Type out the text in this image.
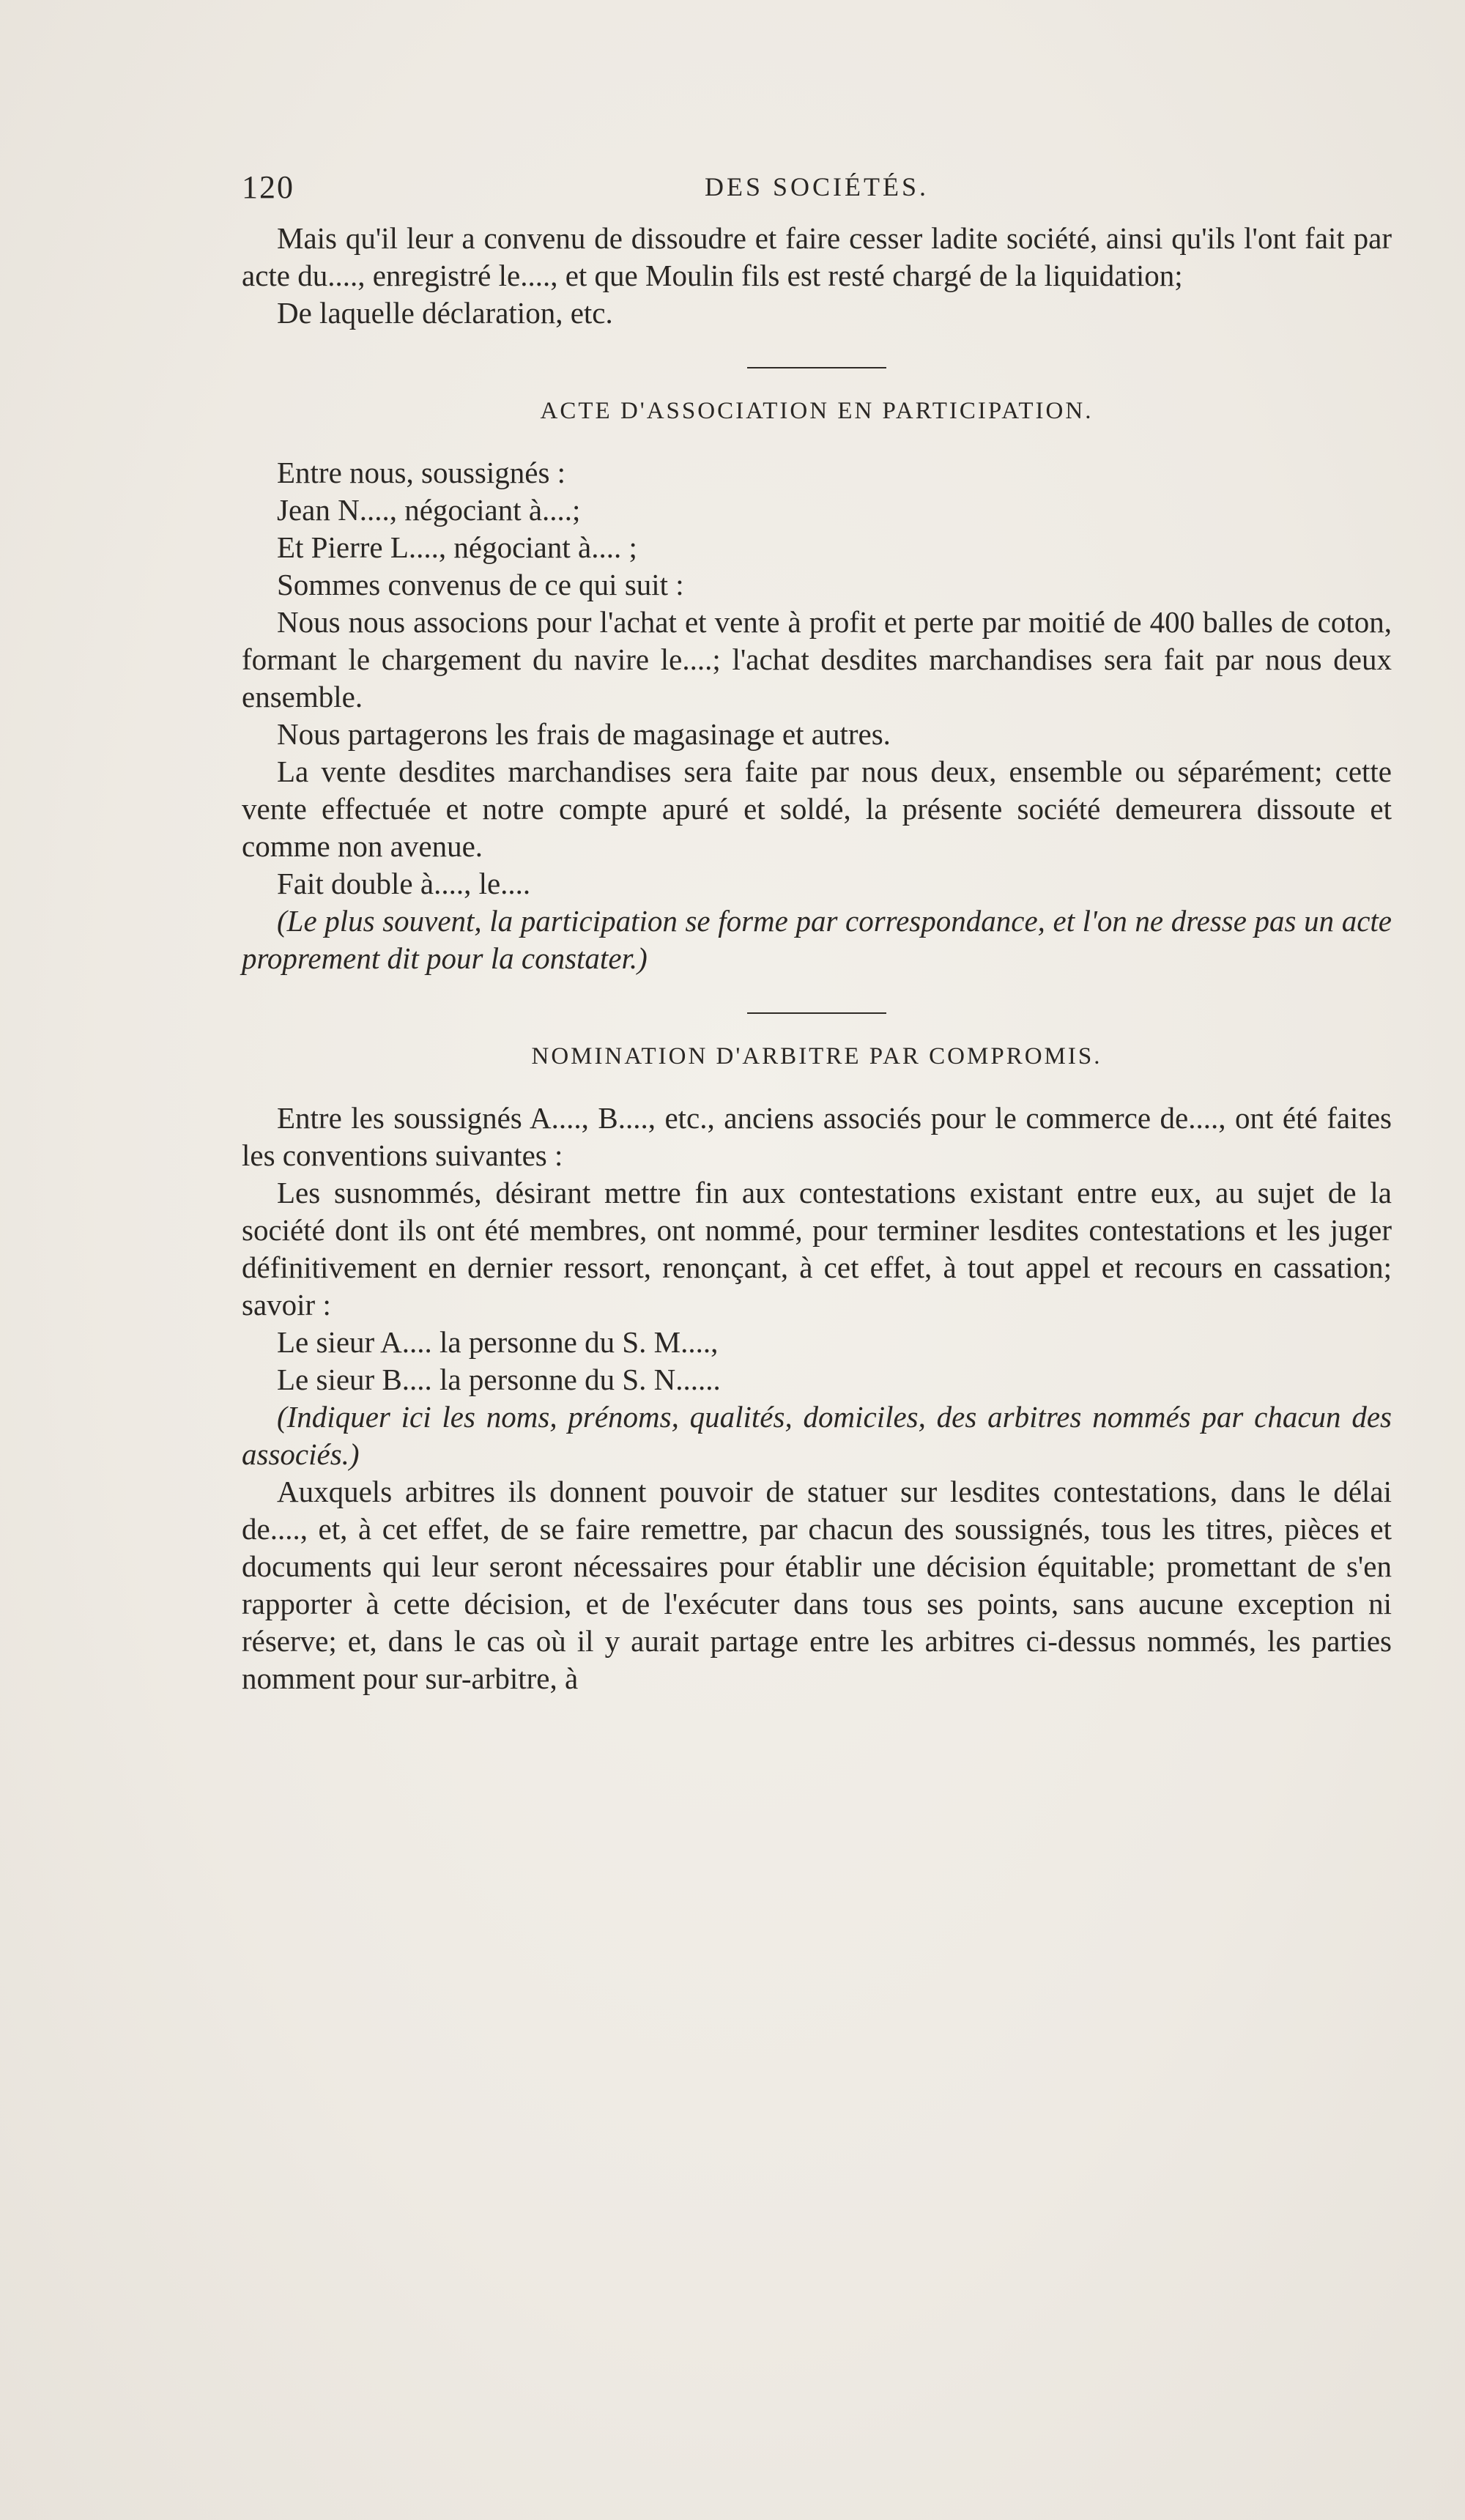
120	DES SOCIÉTÉS.

Mais qu'il leur a convenu de dissoudre et faire cesser ladite société, ainsi qu'ils l'ont fait par acte du...., enregistré le...., et que Moulin fils est resté chargé de la liquidation;

De laquelle déclaration, etc.

ACTE D'ASSOCIATION EN PARTICIPATION.

Entre nous, soussignés :

Jean N...., négociant à....;

Et Pierre L...., négociant à.... ;

Sommes convenus de ce qui suit :

Nous nous associons pour l'achat et vente à profit et perte par moitié de 400 balles de coton, formant le chargement du navire le....; l'achat desdites marchandises sera fait par nous deux ensemble.

Nous partagerons les frais de magasinage et autres.

La vente desdites marchandises sera faite par nous deux, ensemble ou séparément; cette vente effectuée et notre compte apuré et soldé, la présente société demeurera dissoute et comme non avenue.

Fait double à...., le....

(Le plus souvent, la participation se forme par correspondance, et l'on ne dresse pas un acte proprement dit pour la constater.)

NOMINATION D'ARBITRE PAR COMPROMIS.

Entre les soussignés A...., B...., etc., anciens associés pour le commerce de...., ont été faites les conventions suivantes :

Les susnommés, désirant mettre fin aux contestations existant entre eux, au sujet de la société dont ils ont été membres, ont nommé, pour terminer lesdites contestations et les juger définitivement en dernier ressort, renonçant, à cet effet, à tout appel et recours en cassation; savoir :

Le sieur A.... la personne du S. M....,

Le sieur B.... la personne du S. N......

(Indiquer ici les noms, prénoms, qualités, domiciles, des arbitres nommés par chacun des associés.)

Auxquels arbitres ils donnent pouvoir de statuer sur lesdites contestations, dans le délai de...., et, à cet effet, de se faire remettre, par chacun des soussignés, tous les titres, pièces et documents qui leur seront nécessaires pour établir une décision équitable; promettant de s'en rapporter à cette décision, et de l'exécuter dans tous ses points, sans aucune exception ni réserve; et, dans le cas où il y aurait partage entre les arbitres ci-dessus nommés, les parties nomment pour sur-arbitre, à
